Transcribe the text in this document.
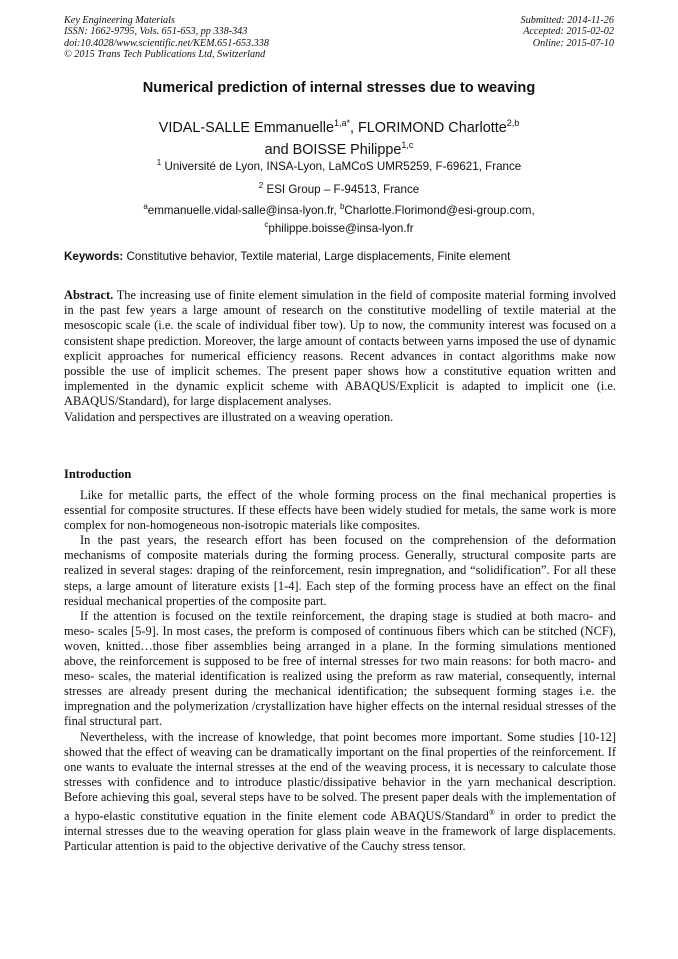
Key Engineering Materials
ISSN: 1662-9795, Vols. 651-653, pp 338-343
doi:10.4028/www.scientific.net/KEM.651-653.338
© 2015 Trans Tech Publications Ltd, Switzerland
Submitted: 2014-11-26
Accepted: 2015-02-02
Online: 2015-07-10
Numerical prediction of internal stresses due to weaving
VIDAL-SALLE Emmanuelle$^{1,a*}$, FLORIMOND Charlotte$^{2,b}$
and BOISSE Philippe$^{1,c}$
$^1$ Université de Lyon, INSA-Lyon, LaMCoS UMR5259, F-69621, France
$^2$ ESI Group – F-94513, France
$^a$emmanuelle.vidal-salle@insa-lyon.fr, $^b$Charlotte.Florimond@esi-group.com,
$^c$philippe.boisse@insa-lyon.fr
Keywords: Constitutive behavior, Textile material, Large displacements, Finite element

Abstract. The increasing use of finite element simulation in the field of composite material forming involved in the past few years a large amount of research on the constitutive modelling of textile material at the mesoscopic scale (i.e. the scale of individual fiber tow). Up to now, the community interest was focused on a consistent shape prediction. Moreover, the large amount of contacts between yarns imposed the use of dynamic explicit approaches for numerical efficiency reasons. Recent advances in contact algorithms make now possible the use of implicit schemes. The present paper shows how a constitutive equation written and implemented in the dynamic explicit scheme with ABAQUS/Explicit is adapted to implicit one (i.e. ABAQUS/Standard), for large displacement analyses.

Validation and perspectives are illustrated on a weaving operation.

Introduction

Like for metallic parts, the effect of the whole forming process on the final mechanical properties is essential for composite structures. If these effects have been widely studied for metals, the same work is more complex for non-homogeneous non-isotropic materials like composites.

In the past years, the research effort has been focused on the comprehension of the deformation mechanisms of composite materials during the forming process. Generally, structural composite parts are realized in several stages: draping of the reinforcement, resin impregnation, and “solidification”. For all these steps, a large amount of literature exists [1-4]. Each step of the forming process have an effect on the final residual mechanical properties of the composite part.

If the attention is focused on the textile reinforcement, the draping stage is studied at both macro- and meso- scales [5-9]. In most cases, the preform is composed of continuous fibers which can be stitched (NCF), woven, knitted…those fiber assemblies being arranged in a plane. In the forming simulations mentioned above, the reinforcement is supposed to be free of internal stresses for two main reasons: for both macro- and meso- scales, the material identification is realized using the preform as raw material, consequently, internal stresses are already present during the mechanical identification; the subsequent forming stages i.e. the impregnation and the polymerization /crystallization have higher effects on the internal residual stresses of the final structural part.

Nevertheless, with the increase of knowledge, that point becomes more important. Some studies [10-12] showed that the effect of weaving can be dramatically important on the final properties of the reinforcement. If one wants to evaluate the internal stresses at the end of the weaving process, it is necessary to calculate those stresses with confidence and to introduce plastic/dissipative behavior in the yarn mechanical description. Before achieving this goal, several steps have to be solved. The present paper deals with the implementation of a hypo-elastic constitutive equation in the finite element code ABAQUS/Standard® in order to predict the internal stresses due to the weaving operation for glass plain weave in the framework of large displacements. Particular attention is paid to the objective derivative of the Cauchy stress tensor.
